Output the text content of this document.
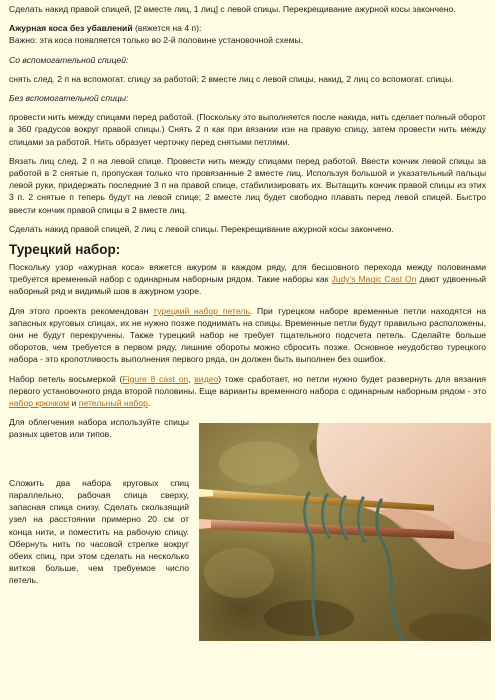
Сделать накид правой спицей, [2 вместе лиц, 1 лиц] с левой спицы. Перекрещивание ажурной косы закончено.

Ажурная коса без убавлений (вяжется на 4 п):

Важно: эта коса появляется только во 2-й половине установочной схемы.

Со вспомогательной спицей:

снять след. 2 п на вспомогат. спицу за работой; 2 вместе лиц с левой спицы, накид, 2 лиц со вспомогат. спицы.

Без вспомогательной спицы:

провести нить между спицами перед работой. (Поскольку это выполняется после накида, нить сделает полный оборот в 360 градусов вокруг правой спицы.) Снять 2 п как при вязании изн на правую спицу, затем провести нить между спицами за работой. Нить образует черточку перед снятыми петлями.

Вязать лиц след. 2 п на левой спице. Провести нить между спицами перед работой. Ввести кончик левой спицы за работой в 2 снятые п, пропуская только что провязанные 2 вместе лиц. Используя большой и указательный пальцы левой руки, придержать последние 3 п на правой спице, стабилизировать их. Вытащить кончик правой спицы из этих 3 п. 2 снятые п теперь будут на левой спице; 2 вместе лиц будет свободно плавать перед левой спицей. Быстро ввести кончик правой спицы в 2 вместе лиц.

Сделать накид правой спицей, 2 лиц с левой спицы. Перекрещивание ажурной косы закончено.

Турецкий набор:

Поскольку узор «ажурная коса» вяжется ажуром в каждом ряду, для бесшовного перехода между половинами требуется временный набор с одинарным наборным рядом. Такие наборы как Judy's Magic Cast On дают удвоенный наборный ряд и видимый шов в ажурном узоре.

Для этого проекта рекомендован турецкий набор петель. При турецком наборе временные петли находятся на запасных круговых спицах, их не нужно позже поднимать на спицы. Временные петли будут правильно расположены, они не будут перекручены. Также турецкий набор не требует тщательного подсчета петель. Сделайте больше оборотов, чем требуется в первом ряду, лишние обороты можно сбросить позже. Основное неудобство турецкого набора - это кропотливость выполнения первого ряда, он должен быть выполнен без ошибок.

Набор петель восьмеркой (Figure 8 cast on, видео) тоже сработает, но петли нужно будет развернуть для вязания первого установочного ряда второй половины. Еще варианты временного набора с одинарным наборным рядом - это набор крючком и петельный набор.

Для облегчения набора используйте спицы разных цветов или типов.

Сложить два набора круговых спиц параллельно, рабочая спица сверху, запасная спица снизу. Сделать скользящий узел на расстоянии примерно 20 см от конца нити, и поместить на рабочую спицу. Обернуть нить по часовой стрелке вокруг обеих спиц, при этом сделать на несколько витков больше, чем требуемое число петель.
